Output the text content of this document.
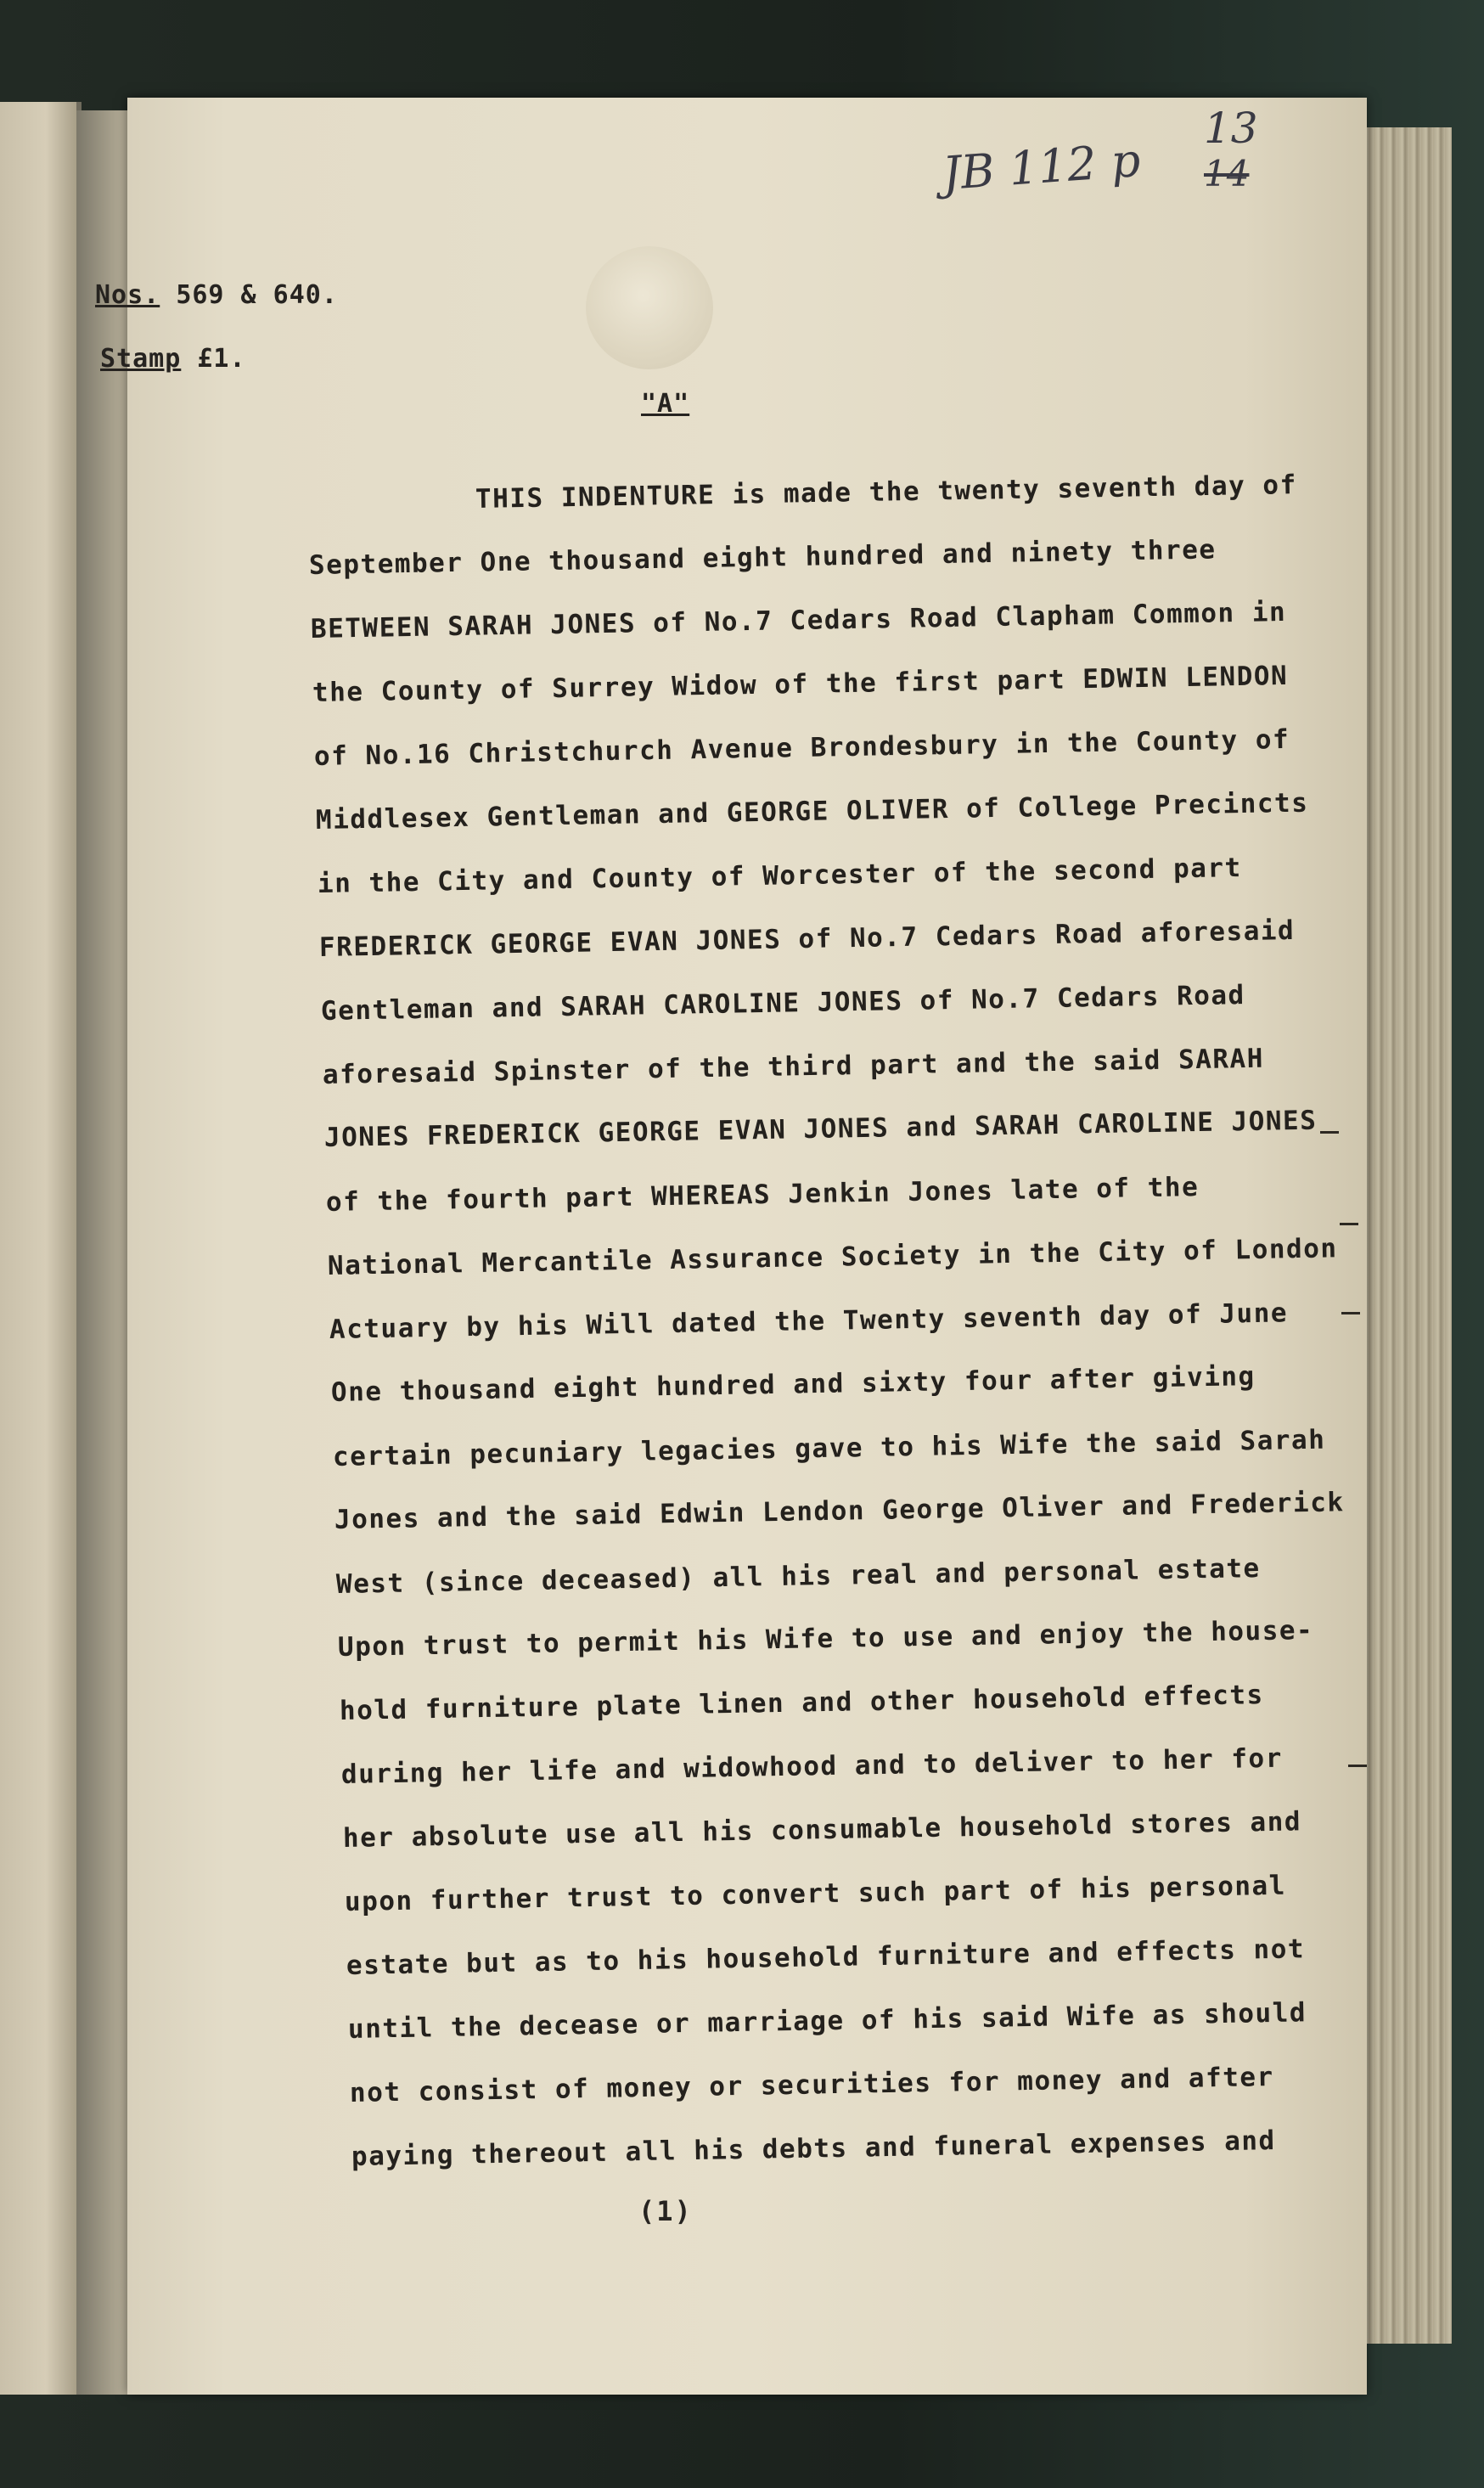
JB 112 p
13
14
Nos. 569 & 640.
Stamp £1.
"A"
THIS INDENTURE is made the twenty seventh day of
September One thousand eight hundred and ninety three
BETWEEN SARAH JONES of No.7 Cedars Road Clapham Common in
the County of Surrey Widow of the first part EDWIN LENDON
of No.16 Christchurch Avenue Brondesbury in the County of
Middlesex Gentleman and GEORGE OLIVER of College Precincts
in the City and County of Worcester of the second part
FREDERICK GEORGE EVAN JONES of No.7 Cedars Road aforesaid
Gentleman and SARAH CAROLINE JONES of No.7 Cedars Road
aforesaid Spinster of the third part and the said SARAH
JONES FREDERICK GEORGE EVAN JONES and SARAH CAROLINE JONES
of the fourth part WHEREAS Jenkin Jones late of the
National Mercantile Assurance Society in the City of London
Actuary by his Will dated the Twenty seventh day of June
One thousand eight hundred and sixty four after giving
certain pecuniary legacies gave to his Wife the said Sarah
Jones and the said Edwin Lendon George Oliver and Frederick
West (since deceased) all his real and personal estate
Upon trust to permit his Wife to use and enjoy the house-
hold furniture plate linen and other household effects
during her life and widowhood and to deliver to her for
her absolute use all his consumable household stores and
upon further trust to convert such part of his personal
estate but as to his household furniture and effects not
until the decease or marriage of his said Wife as should
not consist of money or securities for money and after
paying thereout all his debts and funeral expenses and
(1)
